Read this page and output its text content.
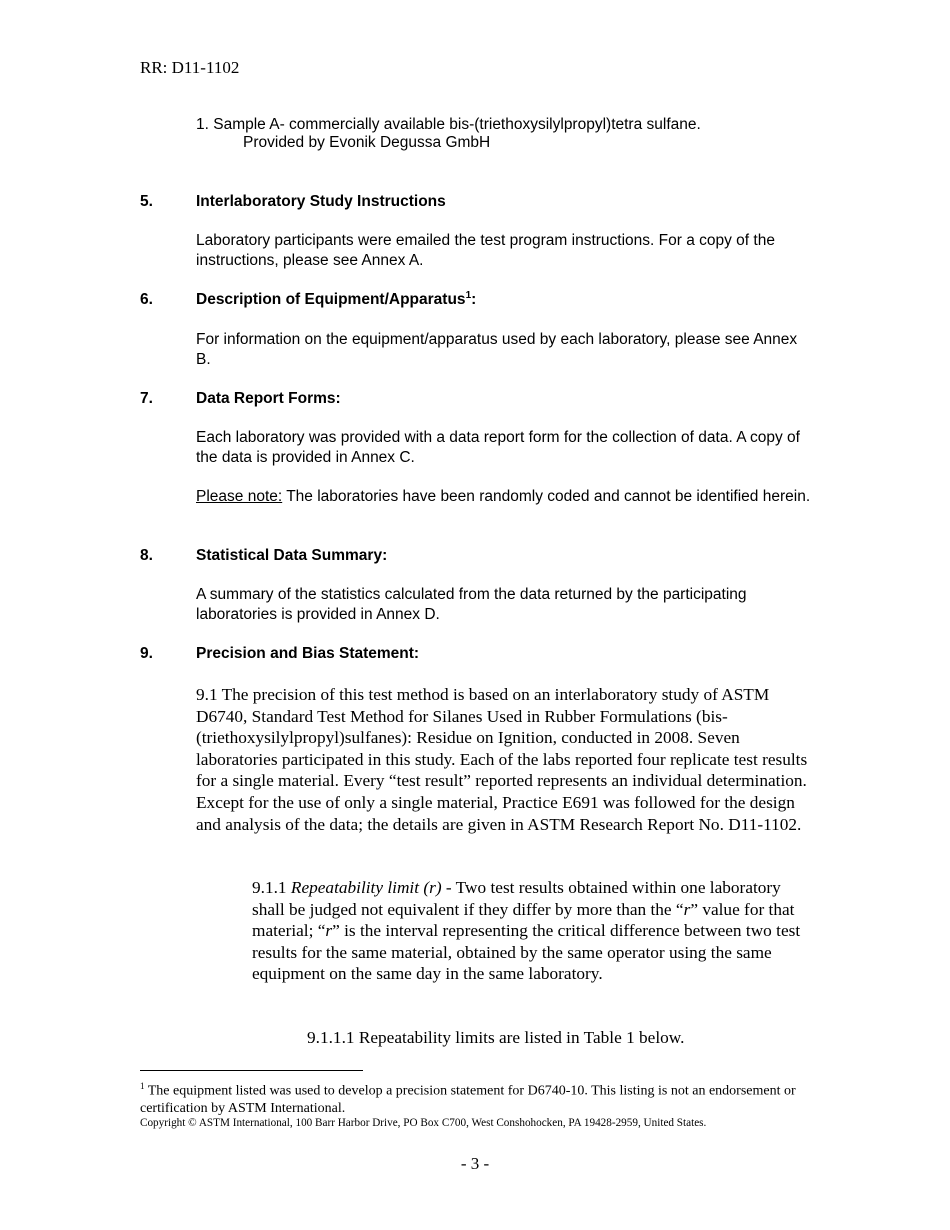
RR: D11-1102
1. Sample A- commercially available bis-(triethoxysilylpropyl)tetra sulfane.
Provided by Evonik Degussa GmbH
5.	Interlaboratory Study Instructions
Laboratory participants were emailed the test program instructions. For a copy of the instructions, please see Annex A.
6.	Description of Equipment/Apparatus$^1$:
For information on the equipment/apparatus used by each laboratory, please see Annex B.
7.	Data Report Forms:
Each laboratory was provided with a data report form for the collection of data. A copy of the data is provided in Annex C.
Please note: The laboratories have been randomly coded and cannot be identified herein.
8.	Statistical Data Summary:
A summary of the statistics calculated from the data returned by the participating laboratories is provided in Annex D.
9.	Precision and Bias Statement:
9.1 The precision of this test method is based on an interlaboratory study of ASTM D6740, Standard Test Method for Silanes Used in Rubber Formulations (bis-(triethoxysilylpropyl)sulfanes): Residue on Ignition, conducted in 2008. Seven laboratories participated in this study. Each of the labs reported four replicate test results for a single material. Every “test result” reported represents an individual determination. Except for the use of only a single material, Practice E691 was followed for the design and analysis of the data; the details are given in ASTM Research Report No. D11-1102.
9.1.1 Repeatability limit (r) - Two test results obtained within one laboratory shall be judged not equivalent if they differ by more than the “r” value for that material; “r” is the interval representing the critical difference between two test results for the same material, obtained by the same operator using the same equipment on the same day in the same laboratory.
9.1.1.1 Repeatability limits are listed in Table 1 below.
$^1$ The equipment listed was used to develop a precision statement for D6740-10. This listing is not an endorsement or certification by ASTM International.
Copyright © ASTM International, 100 Barr Harbor Drive, PO Box C700, West Conshohocken, PA 19428-2959, United States.
- 3 -
